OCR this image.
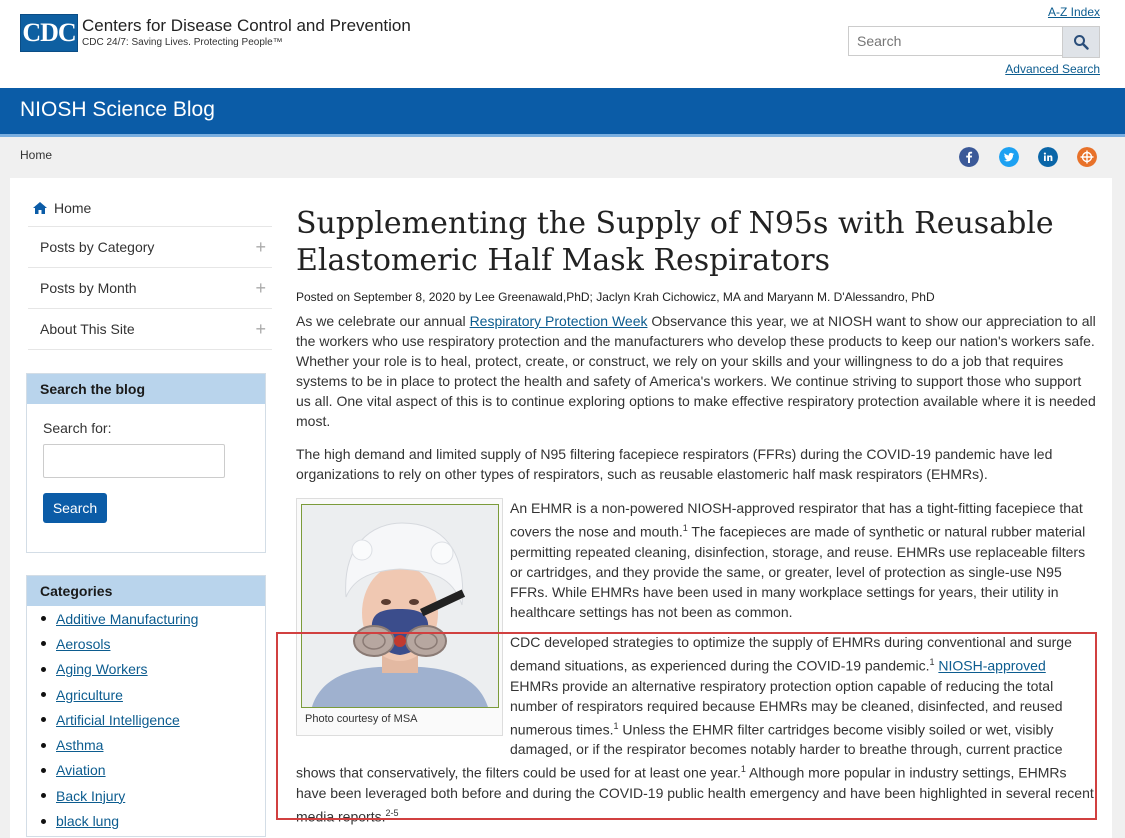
CDC Centers for Disease Control and Prevention
CDC 24/7: Saving Lives. Protecting People™
A-Z Index
Search
Advanced Search
NIOSH Science Blog
Home
Home
Posts by Category	+
Posts by Month	+
About This Site	+
Search the blog
Search for:
Search
Categories
Additive Manufacturing
Aerosols
Aging Workers
Agriculture
Artificial Intelligence
Asthma
Aviation
Back Injury
black lung
Supplementing the Supply of N95s with Reusable Elastomeric Half Mask Respirators
Posted on September 8, 2020 by Lee Greenawald,PhD; Jaclyn Krah Cichowicz, MA and Maryann M. D'Alessandro, PhD

As we celebrate our annual Respiratory Protection Week Observance this year, we at NIOSH want to show our appreciation to all the workers who use respiratory protection and the manufacturers who develop these products to keep our nation's workers safe. Whether your role is to heal, protect, create, or construct, we rely on your skills and your willingness to do a job that requires systems to be in place to protect the health and safety of America's workers. We continue striving to support those who support us all. One vital aspect of this is to continue exploring options to make effective respiratory protection available where it is needed most.

The high demand and limited supply of N95 filtering facepiece respirators (FFRs) during the COVID-19 pandemic have led organizations to rely on other types of respirators, such as reusable elastomeric half mask respirators (EHMRs).

Photo courtesy of MSA

An EHMR is a non-powered NIOSH-approved respirator that has a tight-fitting facepiece that covers the nose and mouth.$^1$ The facepieces are made of synthetic or natural rubber material permitting repeated cleaning, disinfection, storage, and reuse. EHMRs use replaceable filters or cartridges, and they provide the same, or greater, level of protection as single-use N95 FFRs. While EHMRs have been used in many workplace settings for years, their utility in healthcare settings has not been as common.

CDC developed strategies to optimize the supply of EHMRs during conventional and surge demand situations, as experienced during the COVID-19 pandemic.$^1$ NIOSH-approved EHMRs provide an alternative respiratory protection option capable of reducing the total number of respirators required because EHMRs may be cleaned, disinfected, and reused numerous times.$^1$ Unless the EHMR filter cartridges become visibly soiled or wet, visibly damaged, or if the respirator becomes notably harder to breathe through, current practice shows that conservatively, the filters could be used for at least one year.$^1$ Although more popular in industry settings, EHMRs have been leveraged both before and during the COVID-19 public health emergency and have been highlighted in several recent media reports.$^{2-5}$
